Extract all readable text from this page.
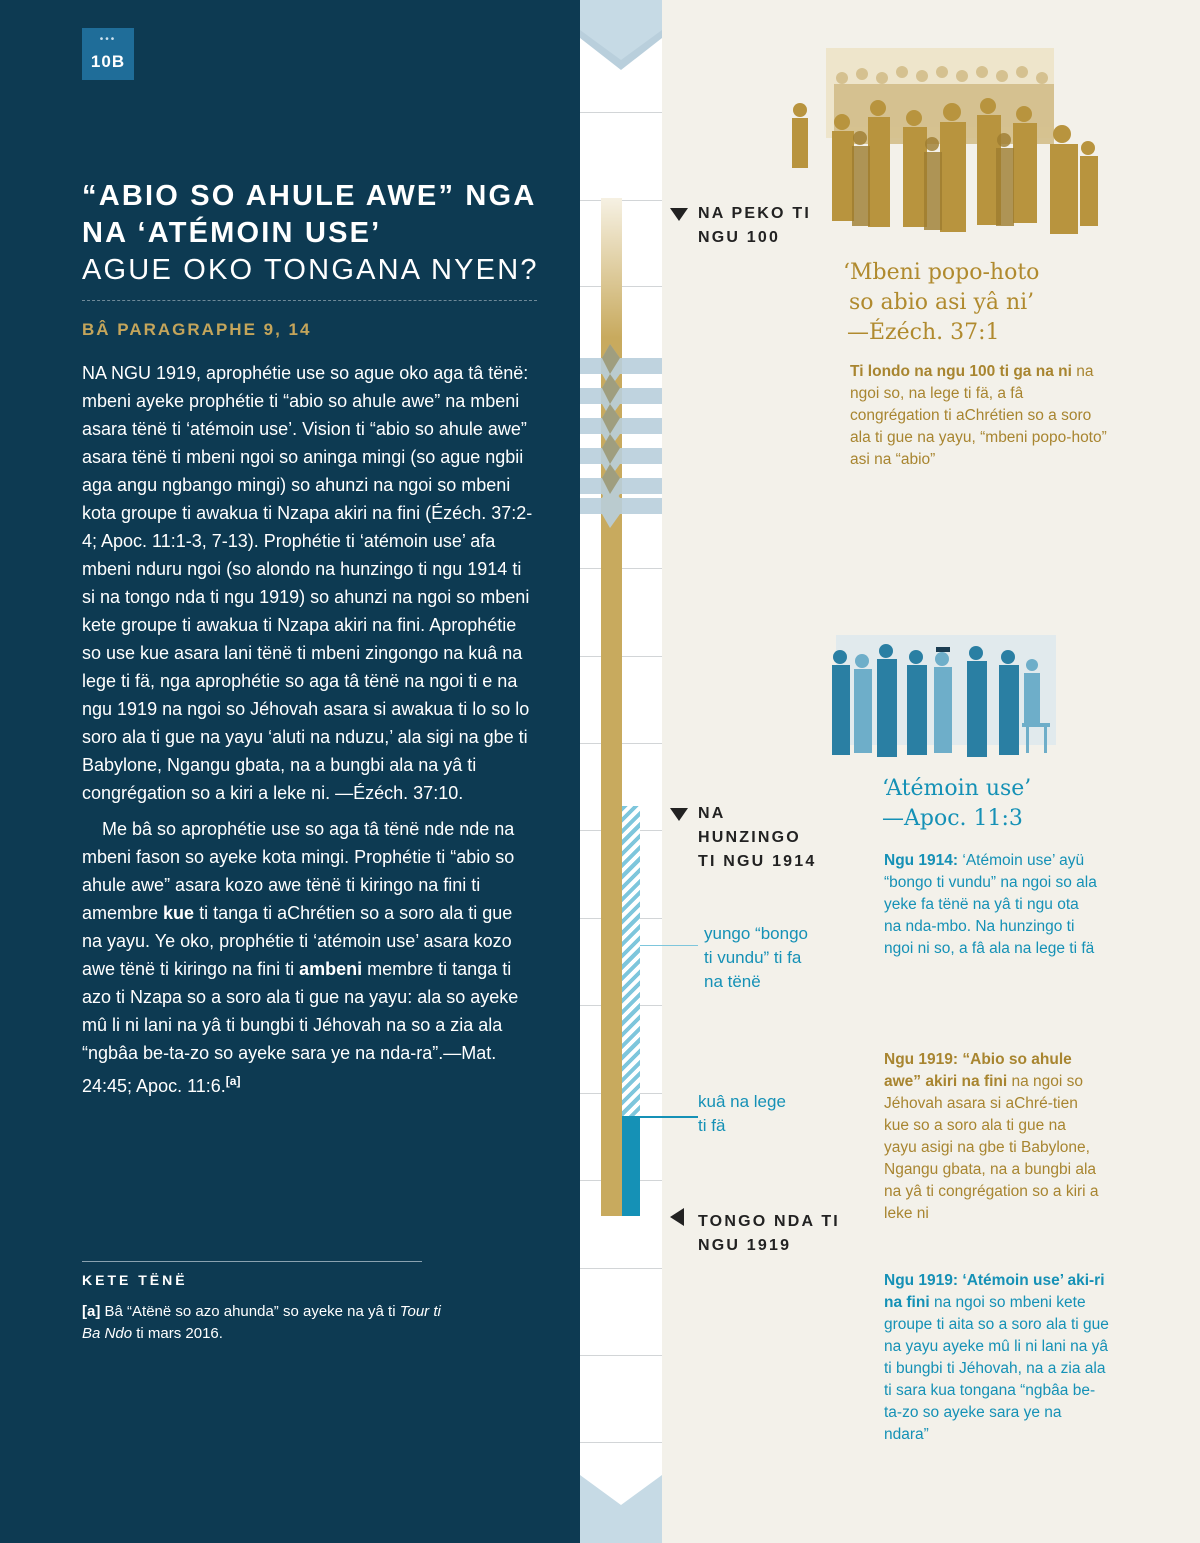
•••
10B
“ABIO SO AHULE AWE” NGA
NA ‘ATÉMOIN USE’
AGUE OKO TONGANA NYEN?
BÂ PARAGRAPHE 9, 14

NA NGU 1919, aprophétie use so ague oko aga tâ tënë: mbeni ayeke prophétie ti “abio so ahule awe” na mbeni asara tënë ti ‘atémoin use’. Vision ti “abio so ahule awe” asara tënë ti mbeni ngoi so aninga mingi (so ague ngbii aga angu ngbango mingi) so ahunzi na ngoi so mbeni kota groupe ti awakua ti Nzapa akiri na fini (Ézéch. 37:2-4; Apoc. 11:1-3, 7-13). Prophétie ti ‘atémoin use’ afa mbeni nduru ngoi (so alondo na hunzingo ti ngu 1914 ti si na tongo nda ti ngu 1919) so ahunzi na ngoi so mbeni kete groupe ti awakua ti Nzapa akiri na fini. Aprophétie so use kue asara lani tënë ti mbeni zingongo na kuâ na lege ti fä, nga aprophétie so aga tâ tënë na ngoi ti e na ngu 1919 na ngoi so Jéhovah asara si awakua ti lo so lo soro ala ti gue na yayu ‘aluti na nduzu,’ ala sigi na gbe ti Babylone, Ngangu gbata, na a bungbi ala na yâ ti congrégation so a kiri a leke ni. —Ézéch. 37:10.

Me bâ so aprophétie use so aga tâ tënë nde nde na mbeni fason so ayeke kota mingi. Prophétie ti “abio so ahule awe” asara kozo awe tënë ti kiringo na fini ti amembre kue ti tanga ti aChrétien so a soro ala ti gue na yayu. Ye oko, prophétie ti ‘atémoin use’ asara kozo awe tënë ti kiringo na fini ti ambeni membre ti tanga ti azo ti Nzapa so a soro ala ti gue na yayu: ala so ayeke mû li ni lani na yâ ti bungbi ti Jéhovah na so a zia ala “ngbâa be-ta-zo so ayeke sara ye na nda-ra”.—Mat. 24:45; Apoc. 11:6.[a]

KETE TËNË
[a] Bâ “Atënë so azo ahunda” so ayeke na yâ ti Tour ti Ba Ndo ti mars 2016.
NA PEKO TI
NGU 100
NA
HUNZINGO
TI NGU 1914
TONGO NDA TI
NGU 1919
yungo “bongo
ti vundu” ti fa
na tënë
kuâ na lege
ti fä
‘Mbeni popo-hoto
so abio asi yâ ni’
—Ézéch. 37:1
Ti londo na ngu 100 ti ga na ni na ngoi so, na lege ti fä, a fâ congrégation ti aChrétien so a soro ala ti gue na yayu, “mbeni popo-hoto” asi na “abio”
‘Atémoin use’
—Apoc. 11:3
Ngu 1914: ‘Atémoin use’ ayü “bongo ti vundu” na ngoi so ala yeke fa tënë na yâ ti ngu ota na nda-mbo. Na hunzingo ti ngoi ni so, a fâ ala na lege ti fä
Ngu 1919: “Abio so ahule awe” akiri na fini na ngoi so Jéhovah asara si aChré-tien kue so a soro ala ti gue na yayu asigi na gbe ti Babylone, Ngangu gbata, na a bungbi ala na yâ ti congrégation so a kiri a leke ni
Ngu 1919: ‘Atémoin use’ aki-ri na fini na ngoi so mbeni kete groupe ti aita so a soro ala ti gue na yayu ayeke mû li ni lani na yâ ti bungbi ti Jéhovah, na a zia ala ti sara kua tongana “ngbâa be-ta-zo so ayeke sara ye na ndara”
